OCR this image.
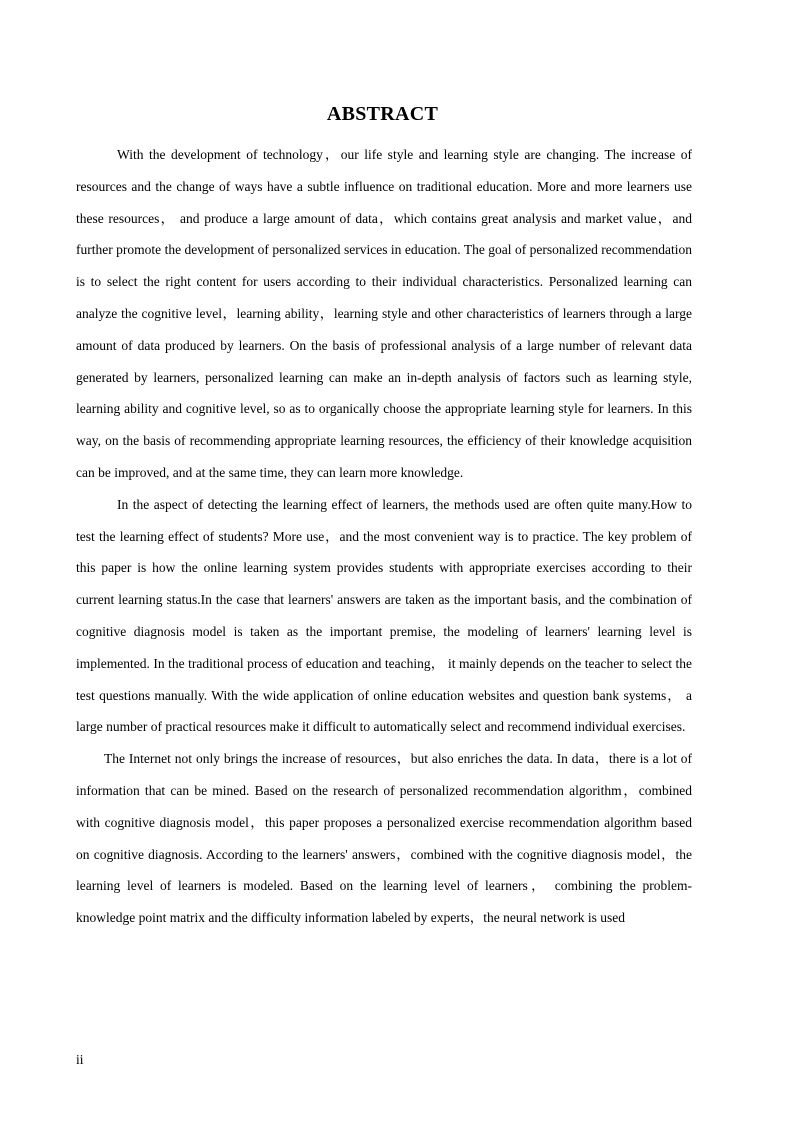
ABSTRACT

With the development of technology，our life style and learning style are changing. The increase of resources and the change of ways have a subtle influence on traditional education. More and more learners use these resources， and produce a large amount of data，which contains great analysis and market value，and further promote the development of personalized services in education. The goal of personalized recommendation is to select the right content for users according to their individual characteristics. Personalized learning can analyze the cognitive level，learning ability，learning style and other characteristics of learners through a large amount of data produced by learners. On the basis of professional analysis of a large number of relevant data generated by learners, personalized learning can make an in-depth analysis of factors such as learning style, learning ability and cognitive level, so as to organically choose the appropriate learning style for learners. In this way, on the basis of recommending appropriate learning resources, the efficiency of their knowledge acquisition can be improved, and at the same time, they can learn more knowledge.

In the aspect of detecting the learning effect of learners, the methods used are often quite many.How to test the learning effect of students? More use，and the most convenient way is to practice. The key problem of this paper is how the online learning system provides students with appropriate exercises according to their current learning status.In the case that learners' answers are taken as the important basis, and the combination of cognitive diagnosis model is taken as the important premise, the modeling of learners' learning level is implemented. In the traditional process of education and teaching， it mainly depends on the teacher to select the test questions manually. With the wide application of online education websites and question bank systems， a large number of practical resources make it difficult to automatically select and recommend individual exercises.

The Internet not only brings the increase of resources，but also enriches the data. In data，there is a lot of information that can be mined. Based on the research of personalized recommendation algorithm，combined with cognitive diagnosis model，this paper proposes a personalized exercise recommendation algorithm based on cognitive diagnosis. According to the learners' answers，combined with the cognitive diagnosis model，the learning level of learners is modeled. Based on the learning level of learners， combining the problem-knowledge point matrix and the difficulty information labeled by experts，the neural network is used

ii
